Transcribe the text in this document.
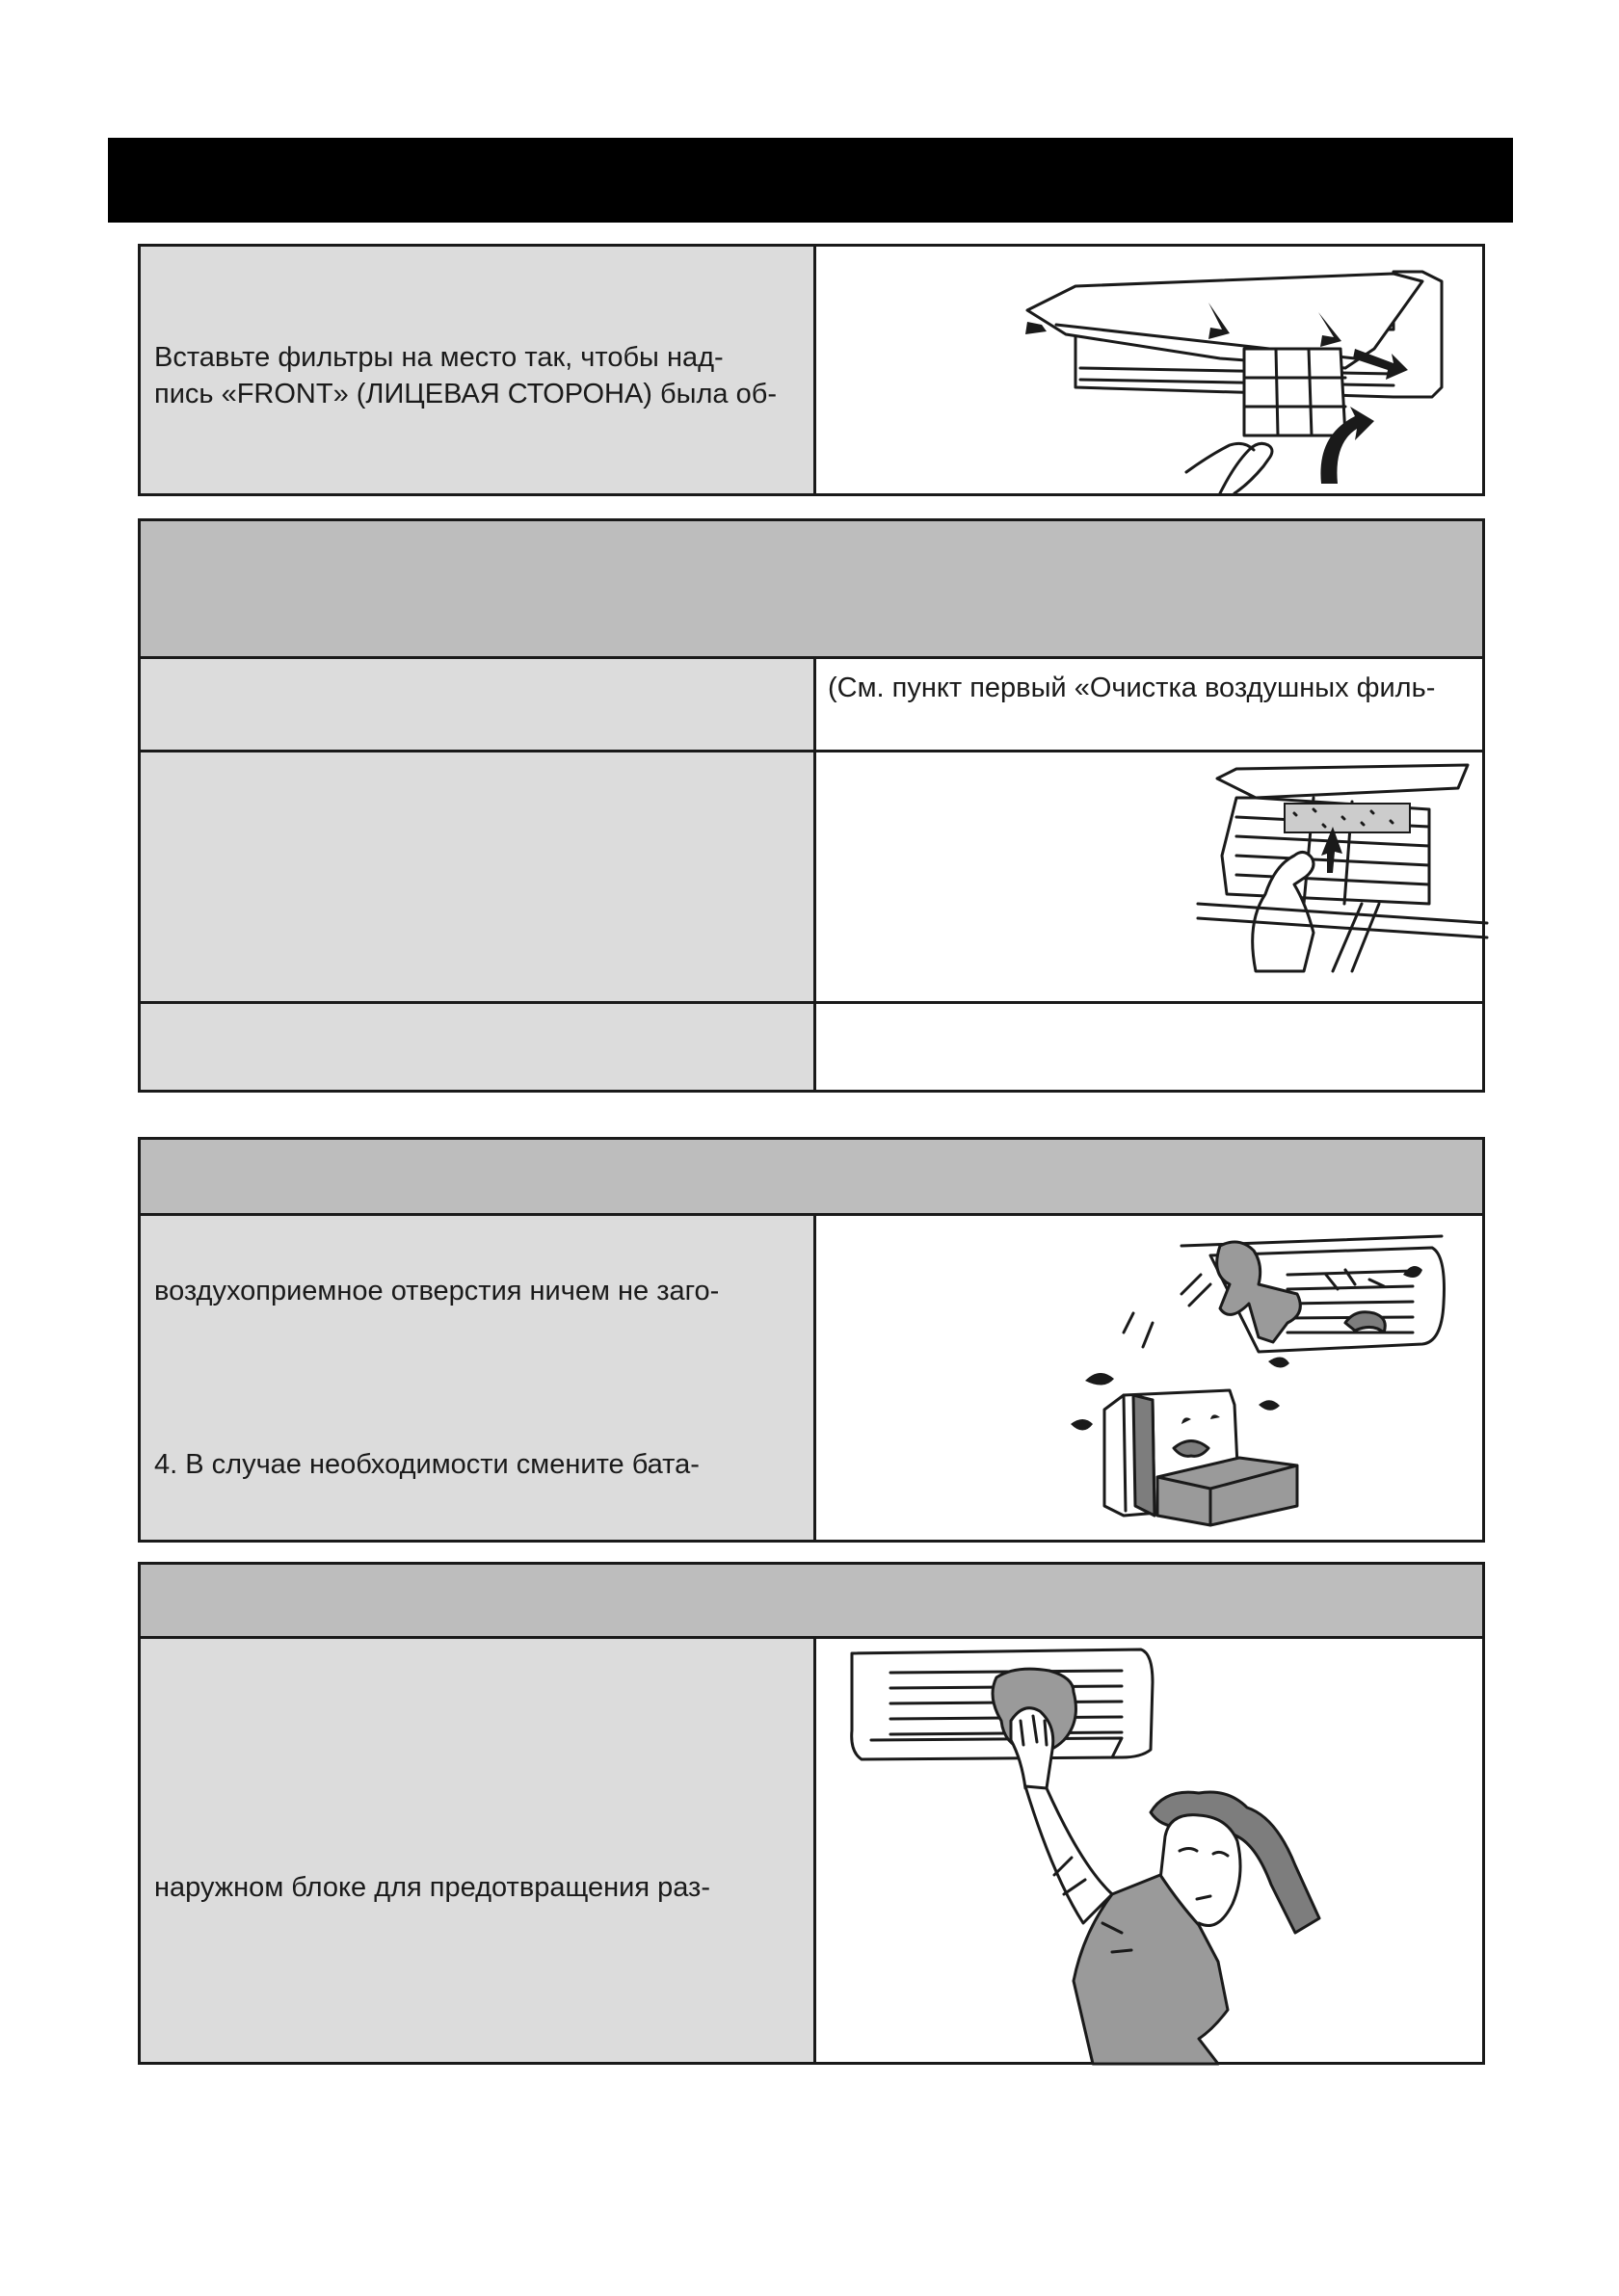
Вставьте фильтры на место так, чтобы над-
пись «FRONT» (ЛИЦЕВАЯ СТОРОНА) была об-
(См. пункт первый «Очистка воздушных филь-
воздухоприемное отверстия ничем не заго-
4. В случае необходимости смените бата-
наружном блоке для предотвращения раз-
